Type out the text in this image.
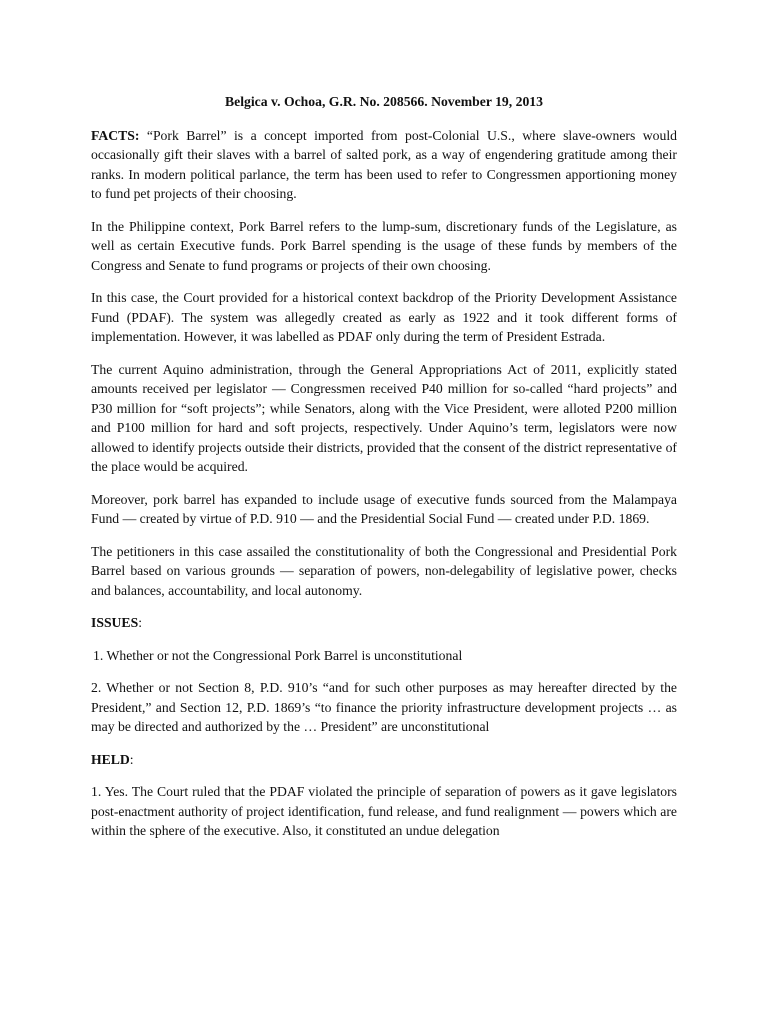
Belgica v. Ochoa, G.R. No. 208566. November 19, 2013

FACTS: “Pork Barrel” is a concept imported from post-Colonial U.S., where slave-owners would occasionally gift their slaves with a barrel of salted pork, as a way of engendering gratitude among their ranks. In modern political parlance, the term has been used to refer to Congressmen apportioning money to fund pet projects of their choosing.

In the Philippine context, Pork Barrel refers to the lump-sum, discretionary funds of the Legislature, as well as certain Executive funds. Pork Barrel spending is the usage of these funds by members of the Congress and Senate to fund programs or projects of their own choosing.

In this case, the Court provided for a historical context backdrop of the Priority Development Assistance Fund (PDAF). The system was allegedly created as early as 1922 and it took different forms of implementation. However, it was labelled as PDAF only during the term of President Estrada.

The current Aquino administration, through the General Appropriations Act of 2011, explicitly stated amounts received per legislator — Congressmen received P40 million for so-called “hard projects” and P30 million for “soft projects”; while Senators, along with the Vice President, were alloted P200 million and P100 million for hard and soft projects, respectively. Under Aquino’s term, legislators were now allowed to identify projects outside their districts, provided that the consent of the district representative of the place would be acquired.

Moreover, pork barrel has expanded to include usage of executive funds sourced from the Malampaya Fund — created by virtue of P.D. 910 — and the Presidential Social Fund — created under P.D. 1869.

The petitioners in this case assailed the constitutionality of both the Congressional and Presidential Pork Barrel based on various grounds — separation of powers, non-delegability of legislative power, checks and balances, accountability, and local autonomy.

ISSUES:
1. Whether or not the Congressional Pork Barrel is unconstitutional
2. Whether or not Section 8, P.D. 910’s “and for such other purposes as may hereafter directed by the President,” and Section 12, P.D. 1869’s “to finance the priority infrastructure development projects … as may be directed and authorized by the … President” are unconstitutional
HELD:

1. Yes. The Court ruled that the PDAF violated the principle of separation of powers as it gave legislators post-enactment authority of project identification, fund release, and fund realignment — powers which are within the sphere of the executive. Also, it constituted an undue delegation
